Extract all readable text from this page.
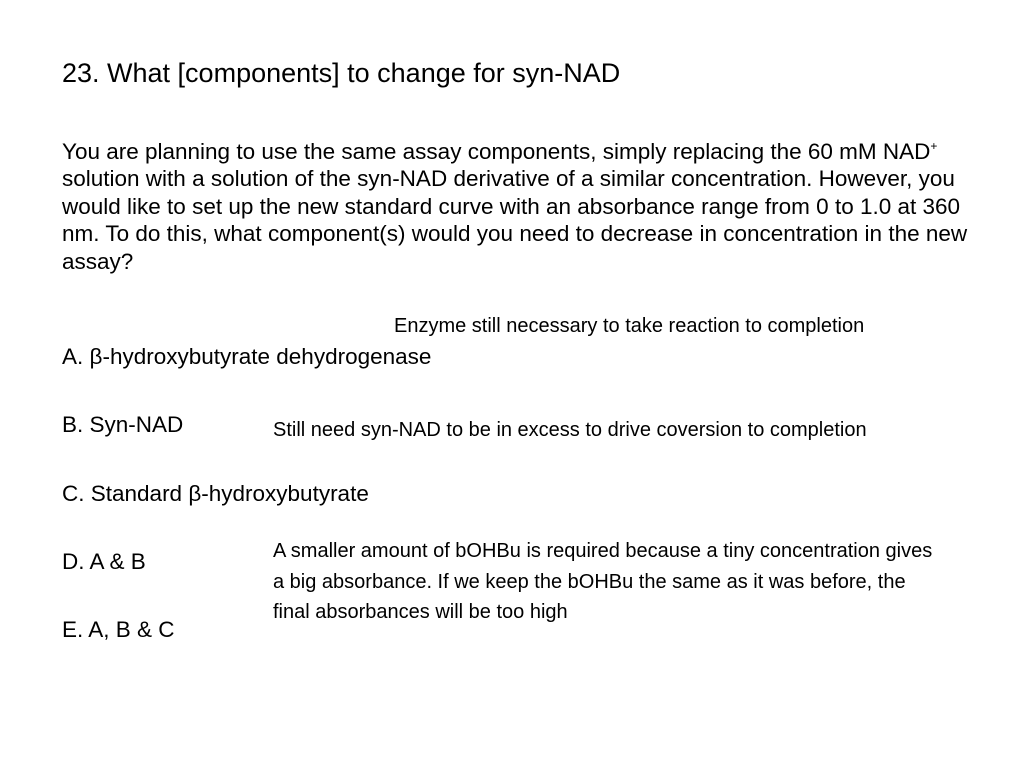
23. What [components] to change for syn-NAD

You are planning to use the same assay components, simply replacing the 60 mM NAD+ solution with a solution of the syn-NAD derivative of a similar concentration. However, you would like to set up the new standard curve with an absorbance range from 0 to 1.0 at 360 nm. To do this, what component(s) would you need to decrease in concentration in the new assay?

Enzyme still necessary to take reaction to completion
A. β-hydroxybutyrate dehydrogenase
B. Syn-NAD	Still need syn-NAD to be in excess to drive coversion to completion
C. Standard β-hydroxybutyrate
D. A & B	A smaller amount of bOHBu is required because a tiny concentration gives a big absorbance. If we keep the bOHBu the same as it was before, the final absorbances will be too high
E. A, B & C
